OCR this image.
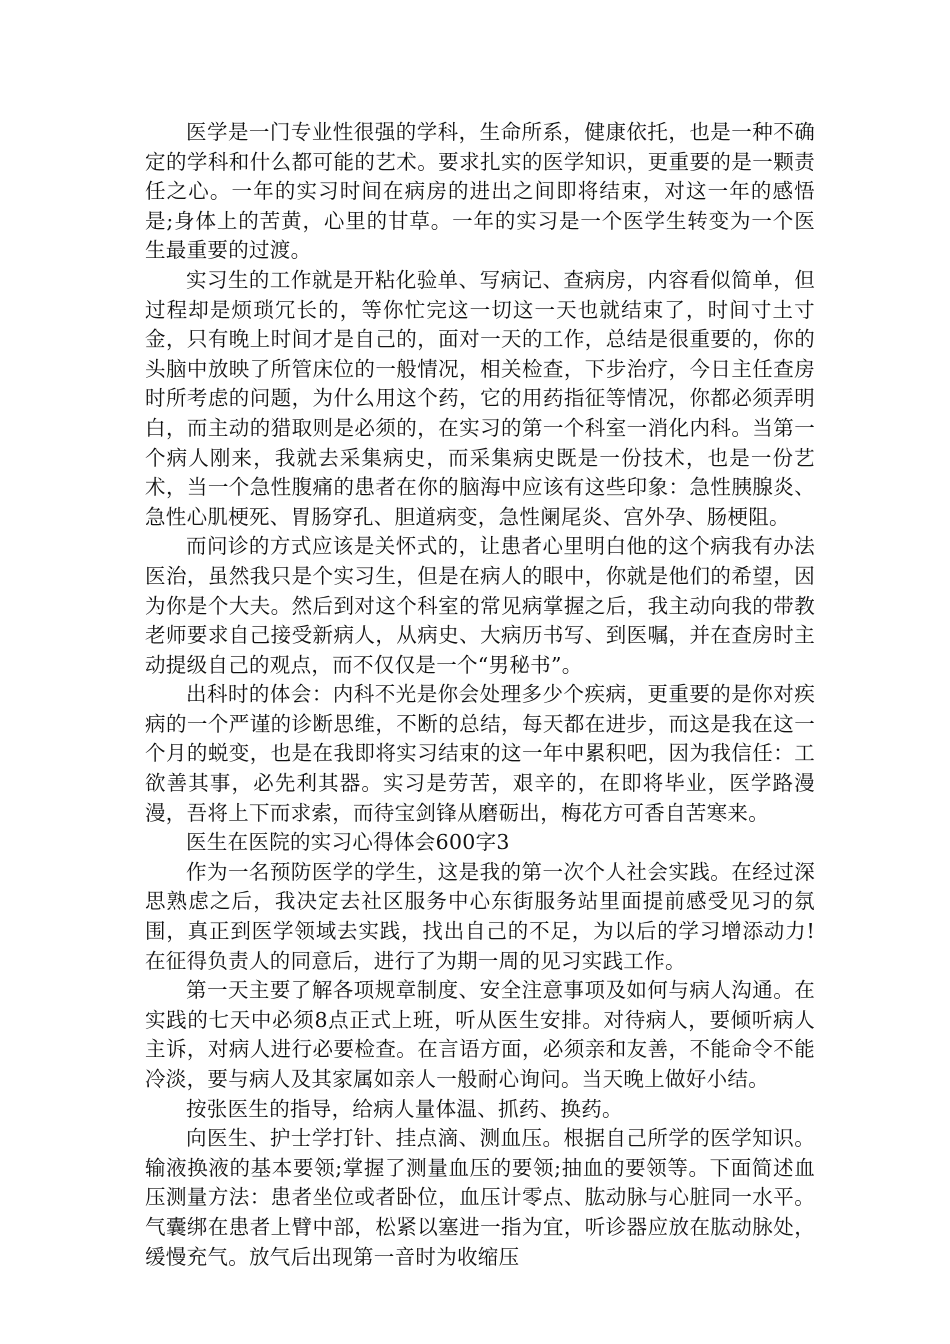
医学是一门专业性很强的学科，生命所系，健康依托，也是一种不确定的学科和什么都可能的艺术。要求扎实的医学知识，更重要的是一颗责任之心。一年的实习时间在病房的进出之间即将结束，对这一年的感悟是;身体上的苦黄，心里的甘草。一年的实习是一个医学生转变为一个医生最重要的过渡。

实习生的工作就是开粘化验单、写病记、查病房，内容看似简单，但过程却是烦琐冗长的，等你忙完这一切这一天也就结束了，时间寸土寸金，只有晚上时间才是自己的，面对一天的工作，总结是很重要的，你的头脑中放映了所管床位的一般情况，相关检查，下步治疗，今日主任查房时所考虑的问题，为什么用这个药，它的用药指征等情况，你都必须弄明白，而主动的猎取则是必须的，在实习的第一个科室一消化内科。当第一个病人刚来，我就去采集病史，而采集病史既是一份技术，也是一份艺术，当一个急性腹痛的患者在你的脑海中应该有这些印象：急性胰腺炎、急性心肌梗死、胃肠穿孔、胆道病变，急性阑尾炎、宫外孕、肠梗阻。

而问诊的方式应该是关怀式的，让患者心里明白他的这个病我有办法医治，虽然我只是个实习生，但是在病人的眼中，你就是他们的希望，因为你是个大夫。然后到对这个科室的常见病掌握之后，我主动向我的带教老师要求自己接受新病人，从病史、大病历书写、到医嘱，并在查房时主动提级自己的观点，而不仅仅是一个“男秘书”。

出科时的体会：内科不光是你会处理多少个疾病，更重要的是你对疾病的一个严谨的诊断思维，不断的总结，每天都在进步，而这是我在这一个月的蜕变，也是在我即将实习结束的这一年中累积吧，因为我信任：工欲善其事，必先利其器。实习是劳苦，艰辛的，在即将毕业，医学路漫漫，吾将上下而求索，而待宝剑锋从磨砺出，梅花方可香自苦寒来。

医生在医院的实习心得体会600字3

作为一名预防医学的学生，这是我的第一次个人社会实践。在经过深思熟虑之后，我决定去社区服务中心东街服务站里面提前感受见习的氛围，真正到医学领域去实践，找出自己的不足，为以后的学习增添动力!在征得负责人的同意后，进行了为期一周的见习实践工作。

第一天主要了解各项规章制度、安全注意事项及如何与病人沟通。在实践的七天中必须8点正式上班，听从医生安排。对待病人，要倾听病人主诉，对病人进行必要检查。在言语方面，必须亲和友善，不能命令不能冷淡，要与病人及其家属如亲人一般耐心询问。当天晚上做好小结。

按张医生的指导，给病人量体温、抓药、换药。

向医生、护士学打针、挂点滴、测血压。根据自己所学的医学知识。输液换液的基本要领;掌握了测量血压的要领;抽血的要领等。下面简述血压测量方法：患者坐位或者卧位，血压计零点、肱动脉与心脏同一水平。气囊绑在患者上臂中部，松紧以塞进一指为宜，听诊器应放在肱动脉处，缓慢充气。放气后出现第一音时为收缩压
